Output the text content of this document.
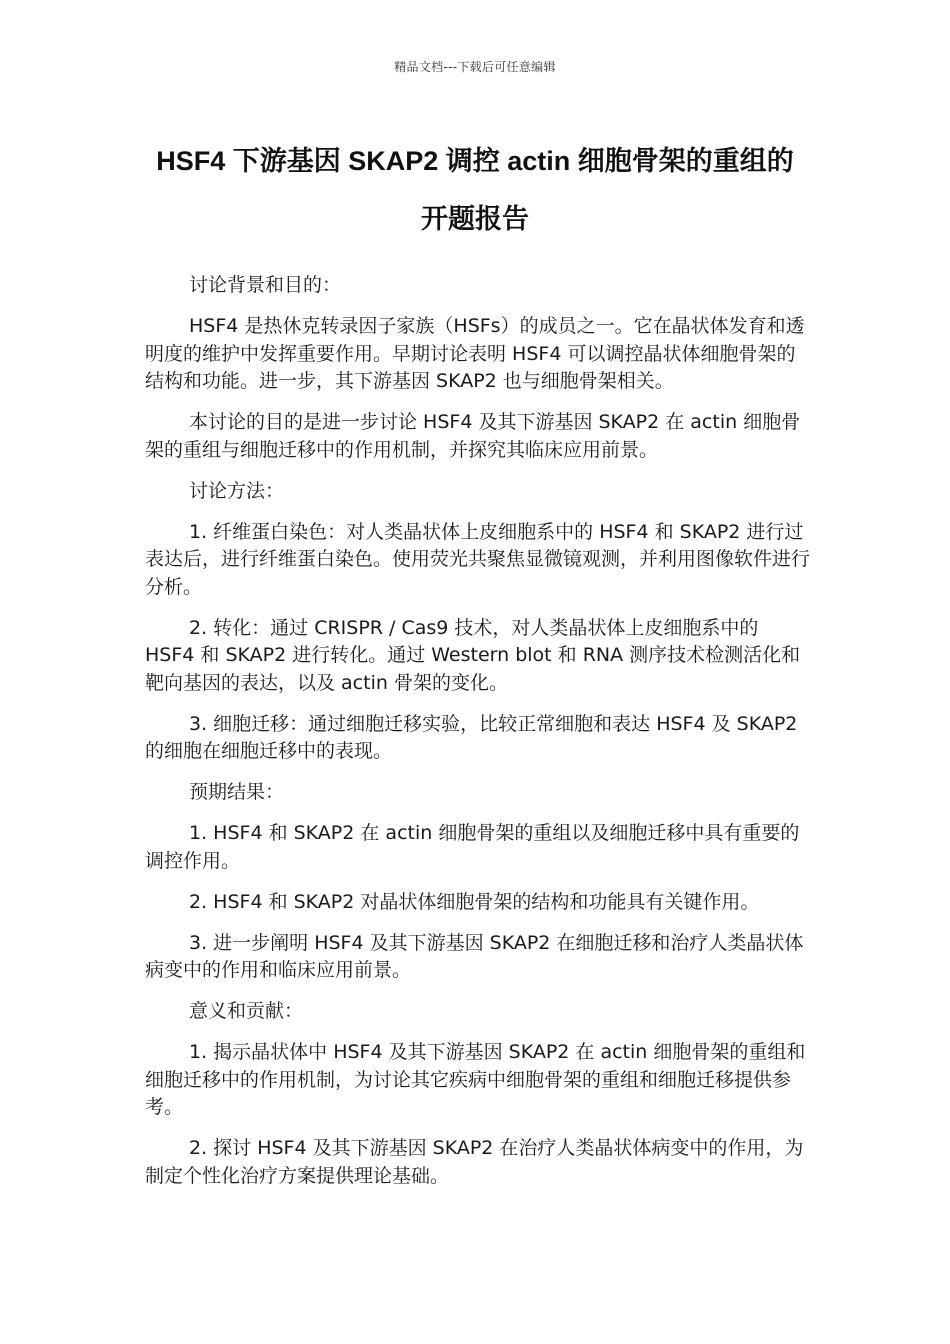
精品文档---下载后可任意编辑
HSF4 下游基因 SKAP2 调控 actin 细胞骨架的重组的
开题报告

讨论背景和目的：

HSF4 是热休克转录因子家族（HSFs）的成员之一。它在晶状体发育和透明度的维护中发挥重要作用。早期讨论表明 HSF4 可以调控晶状体细胞骨架的结构和功能。进一步，其下游基因 SKAP2 也与细胞骨架相关。

本讨论的目的是进一步讨论 HSF4 及其下游基因 SKAP2 在 actin 细胞骨架的重组与细胞迁移中的作用机制，并探究其临床应用前景。

讨论方法：

1. 纤维蛋白染色：对人类晶状体上皮细胞系中的 HSF4 和 SKAP2 进行过表达后，进行纤维蛋白染色。使用荧光共聚焦显微镜观测，并利用图像软件进行分析。

2. 转化：通过 CRISPR / Cas9 技术，对人类晶状体上皮细胞系中的 HSF4 和 SKAP2 进行转化。通过 Western blot 和 RNA 测序技术检测活化和靶向基因的表达，以及 actin 骨架的变化。

3. 细胞迁移：通过细胞迁移实验，比较正常细胞和表达 HSF4 及 SKAP2 的细胞在细胞迁移中的表现。

预期结果：

1. HSF4 和 SKAP2 在 actin 细胞骨架的重组以及细胞迁移中具有重要的调控作用。

2. HSF4 和 SKAP2 对晶状体细胞骨架的结构和功能具有关键作用。

3. 进一步阐明 HSF4 及其下游基因 SKAP2 在细胞迁移和治疗人类晶状体病变中的作用和临床应用前景。

意义和贡献：

1. 揭示晶状体中 HSF4 及其下游基因 SKAP2 在 actin 细胞骨架的重组和细胞迁移中的作用机制，为讨论其它疾病中细胞骨架的重组和细胞迁移提供参考。

2. 探讨 HSF4 及其下游基因 SKAP2 在治疗人类晶状体病变中的作用，为制定个性化治疗方案提供理论基础。
